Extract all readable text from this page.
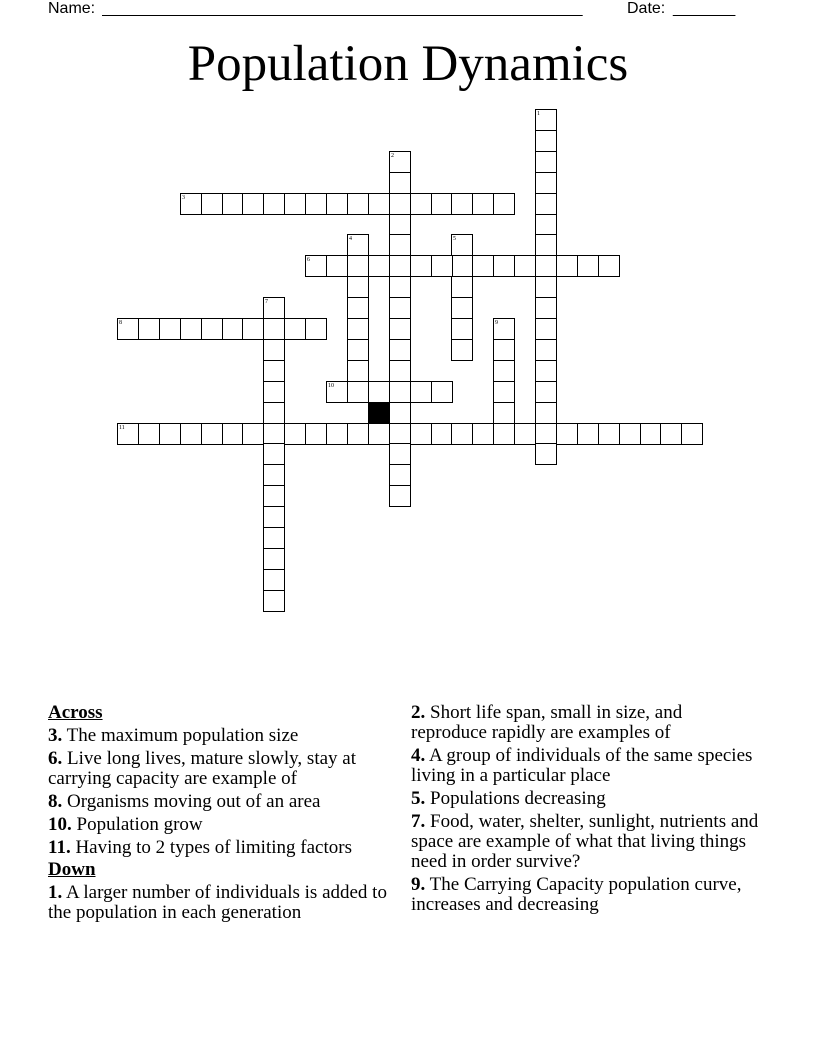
Name: ______________________________________________________	Date: _______
Population Dynamics
1
2
3
4	5
6
7
8	9
10
11
Across
3. The maximum population size
6. Live long lives, mature slowly, stay at carrying capacity are example of
8. Organisms moving out of an area
10. Population grow
11. Having to 2 types of limiting factors
Down
1. A larger number of individuals is added to the population in each generation
2. Short life span, small in size, and reproduce rapidly are examples of
4. A group of individuals of the same species living in a particular place
5. Populations decreasing
7. Food, water, shelter, sunlight, nutrients and space are example of what that living things need in order survive?
9. The Carrying Capacity population curve, increases and decreasing
